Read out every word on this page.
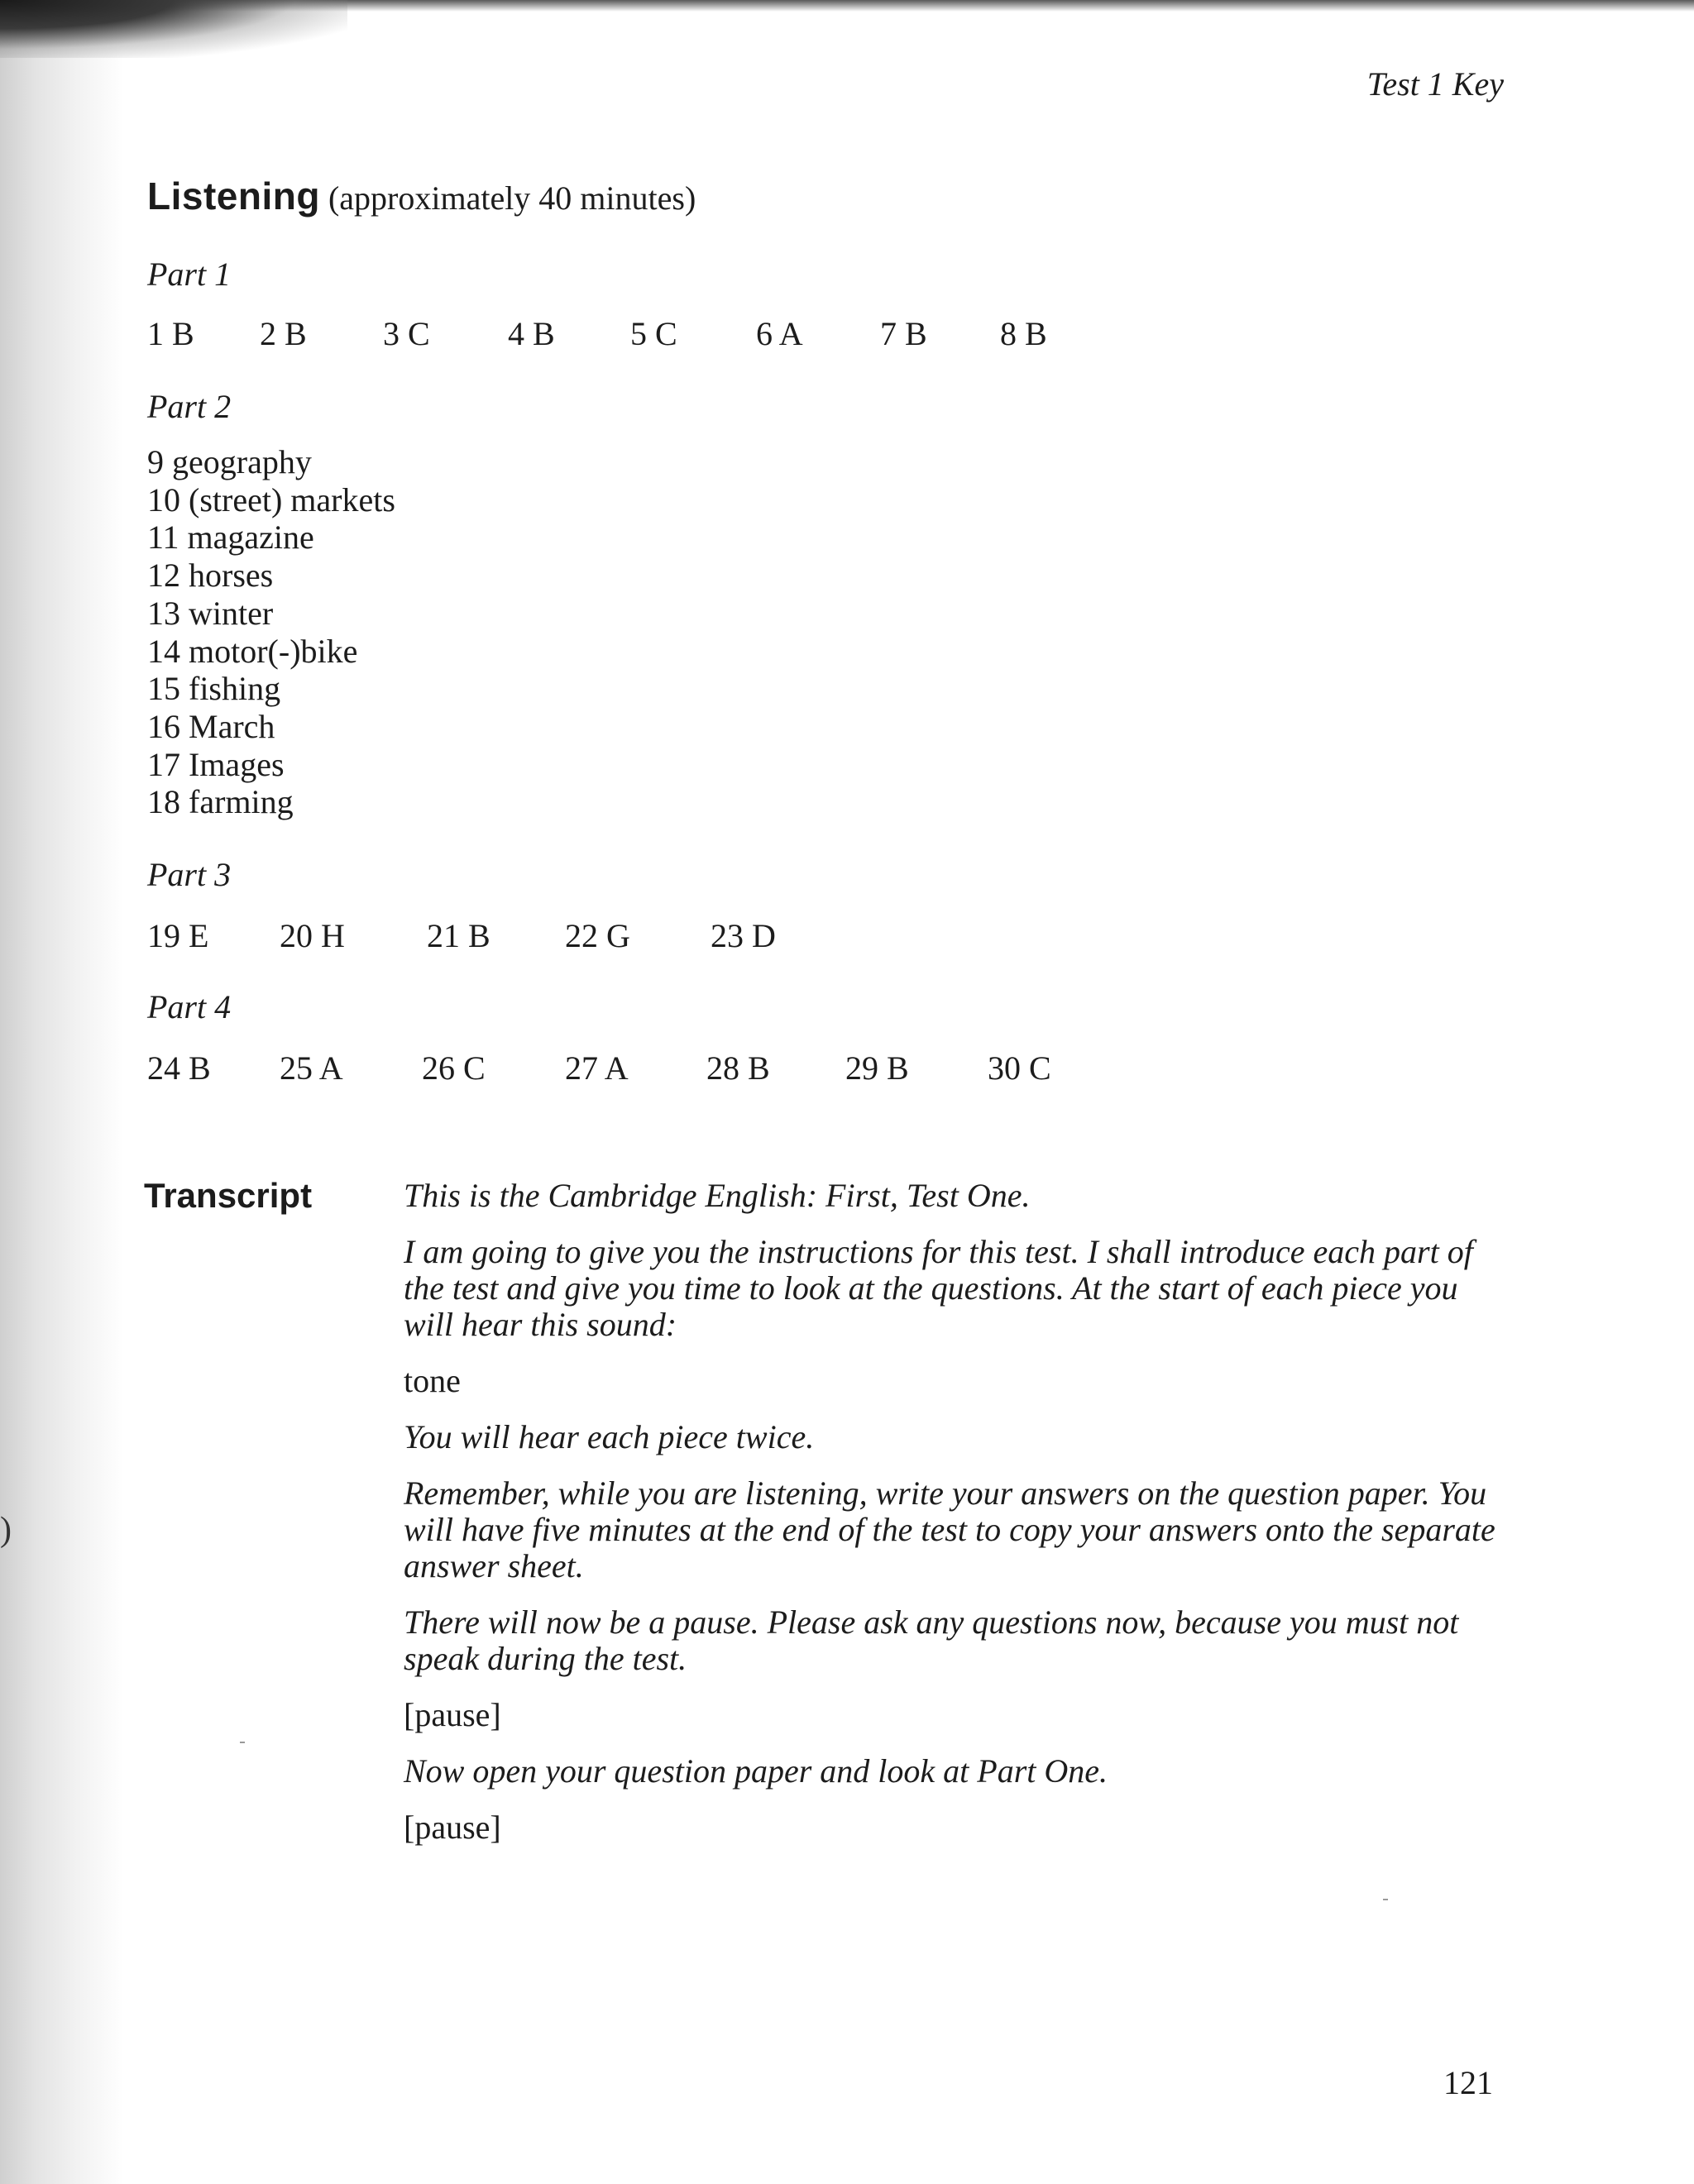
)
Test 1 Key
Listening (approximately 40 minutes)
Part 1
1 B 2 B 3 C 4 B 5 C 6 A 7 B 8 B
Part 2
9 geography
10 (street) markets
11 magazine
12 horses
13 winter
14 motor(-)bike
15 fishing
16 March
17 Images
18 farming
Part 3
19 E 20 H 21 B 22 G 23 D
Part 4
24 B 25 A 26 C 27 A 28 B 29 B 30 C
Transcript	This is the Cambridge English: First, Test One.

I am going to give you the instructions for this test. I shall introduce each part of the test and give you time to look at the questions. At the start of each piece you will hear this sound:

tone

You will hear each piece twice.

Remember, while you are listening, write your answers on the question paper. You will have five minutes at the end of the test to copy your answers onto the separate answer sheet.

There will now be a pause. Please ask any questions now, because you must not speak during the test.

[pause]

Now open your question paper and look at Part One.

[pause]

121
